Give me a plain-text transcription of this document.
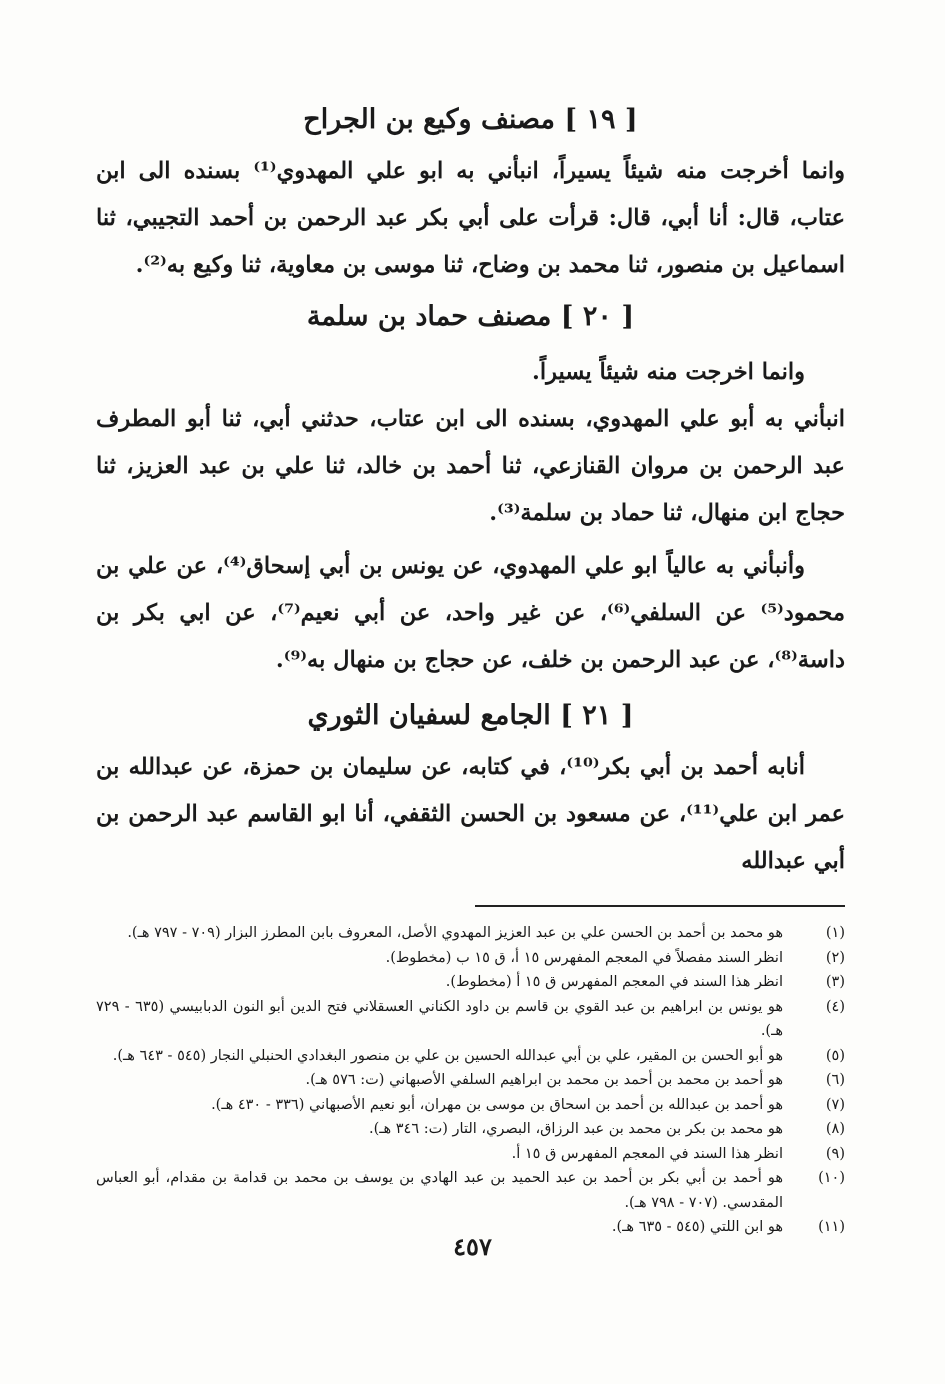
[ ١٩ ] مصنف وكيع بن الجراح

وانما أخرجت منه شيئاً يسيراً، انبأني به ابو علي المهدوي⁽¹⁾ بسنده الى ابن عتاب، قال: أنا أبي، قال: قرأت على أبي بكر عبد الرحمن بن أحمد التجيبي، ثنا اسماعيل بن منصور، ثنا محمد بن وضاح، ثنا موسى بن معاوية، ثنا وكيع به⁽²⁾.

[ ٢٠ ] مصنف حماد بن سلمة

وانما اخرجت منه شيئاً يسيراً.

انبأني به أبو علي المهدوي، بسنده الى ابن عتاب، حدثني أبي، ثنا أبو المطرف عبد الرحمن بن مروان القنازعي، ثنا أحمد بن خالد، ثنا علي بن عبد العزيز، ثنا حجاج ابن منهال، ثنا حماد بن سلمة⁽³⁾.

وأنبأني به عالياً ابو علي المهدوي، عن يونس بن أبي إسحاق⁽⁴⁾، عن علي بن محمود⁽⁵⁾ عن السلفي⁽⁶⁾، عن غير واحد، عن أبي نعيم⁽⁷⁾، عن ابي بكر بن داسة⁽⁸⁾، عن عبد الرحمن بن خلف، عن حجاج بن منهال به⁽⁹⁾.

[ ٢١ ] الجامع لسفيان الثوري

أنابه أحمد بن أبي بكر⁽¹⁰⁾، في كتابه، عن سليمان بن حمزة، عن عبدالله بن عمر ابن علي⁽¹¹⁾، عن مسعود بن الحسن الثقفي، أنا ابو القاسم عبد الرحمن بن أبي عبدالله

(١)
هو محمد بن أحمد بن الحسن علي بن عبد العزيز المهدوي الأصل، المعروف بابن المطرز البزار (٧٠٩ - ٧٩٧ هـ).
(٢)
انظر السند مفصلاً في المعجم المفهرس ١٥ أ، ق ١٥ ب (مخطوط).
(٣)
انظر هذا السند في المعجم المفهرس ق ١٥ أ (مخطوط).
(٤)
هو يونس بن ابراهيم بن عبد القوي بن قاسم بن داود الكناني العسقلاني فتح الدين أبو النون الدبابيسي (٦٣٥ - ٧٢٩ هـ).
(٥)
هو أبو الحسن بن المقير، علي بن أبي عبدالله الحسين بن علي بن منصور البغدادي الحنبلي النجار (٥٤٥ - ٦٤٣ هـ).
(٦)
هو أحمد بن محمد بن أحمد بن محمد بن ابراهيم السلفي الأصبهاني (ت: ٥٧٦ هـ).
(٧)
هو أحمد بن عبدالله بن أحمد بن اسحاق بن موسى بن مهران، أبو نعيم الأصبهاني (٣٣٦ - ٤٣٠ هـ).
(٨)
هو محمد بن بكر بن محمد بن عبد الرزاق، البصري، التار (ت: ٣٤٦ هـ).
(٩)
انظر هذا السند في المعجم المفهرس ق ١٥ أ.
(١٠)
هو أحمد بن أبي بكر بن أحمد بن عبد الحميد بن عبد الهادي بن يوسف بن محمد بن قدامة بن مقدام، أبو العباس المقدسي. (٧٠٧ - ٧٩٨ هـ).
(١١)
هو ابن اللتي (٥٤٥ - ٦٣٥ هـ).
٤٥٧
